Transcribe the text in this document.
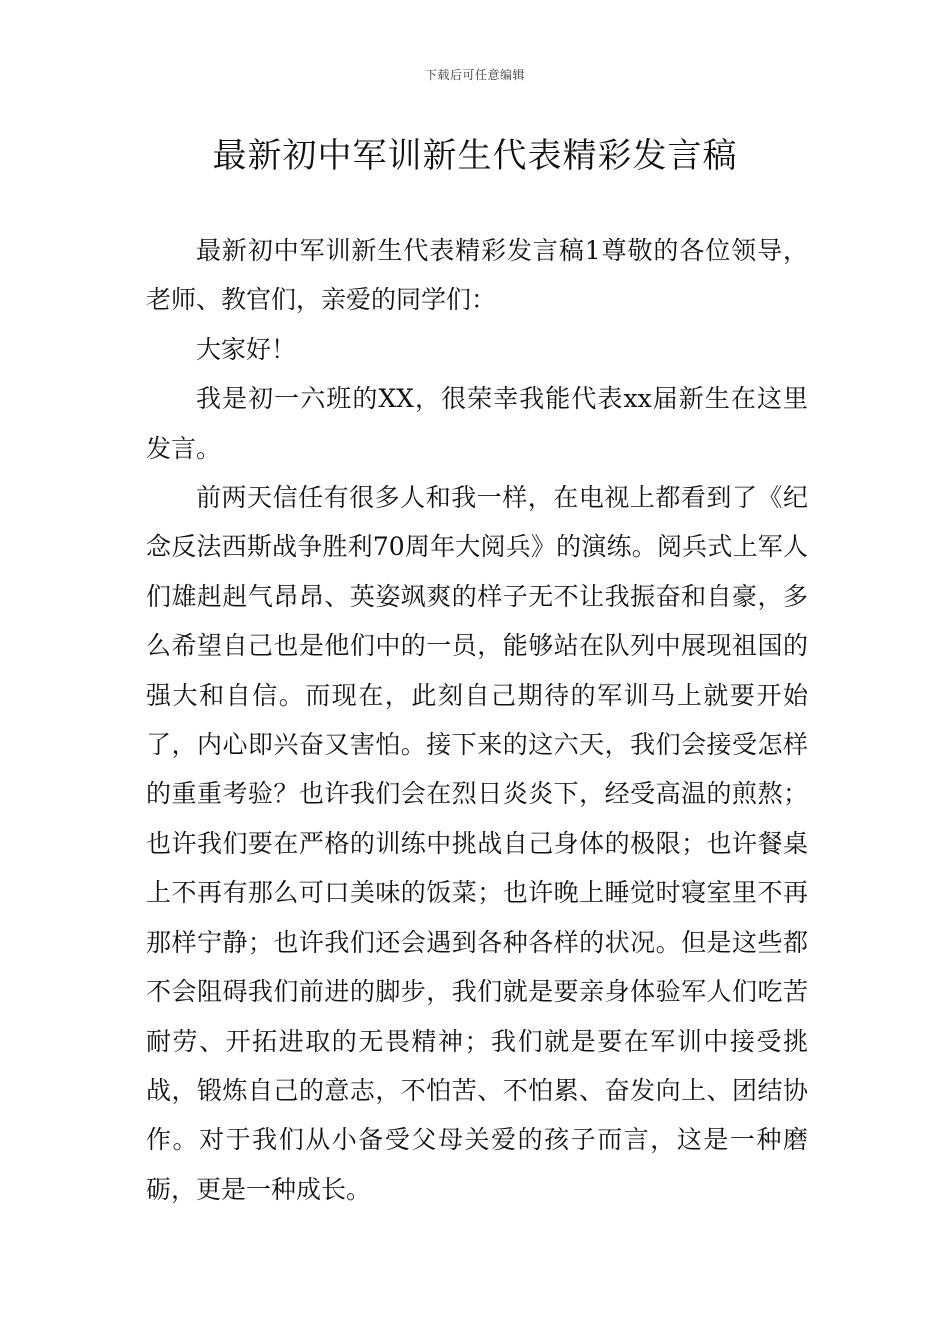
下载后可任意编辑
最新初中军训新生代表精彩发言稿

最新初中军训新生代表精彩发言稿1尊敬的各位领导，老师、教官们，亲爱的同学们：

大家好！

我是初一六班的XX，很荣幸我能代表xx届新生在这里发言。

前两天信任有很多人和我一样，在电视上都看到了《纪念反法西斯战争胜利70周年大阅兵》的演练。阅兵式上军人们雄赳赳气昂昂、英姿飒爽的样子无不让我振奋和自豪，多么希望自己也是他们中的一员，能够站在队列中展现祖国的强大和自信。而现在，此刻自己期待的军训马上就要开始了，内心即兴奋又害怕。接下来的这六天，我们会接受怎样的重重考验？也许我们会在烈日炎炎下，经受高温的煎熬；也许我们要在严格的训练中挑战自己身体的极限；也许餐桌上不再有那么可口美味的饭菜；也许晚上睡觉时寝室里不再那样宁静；也许我们还会遇到各种各样的状况。但是这些都不会阻碍我们前进的脚步，我们就是要亲身体验军人们吃苦耐劳、开拓进取的无畏精神；我们就是要在军训中接受挑战，锻炼自己的意志，不怕苦、不怕累、奋发向上、团结协作。对于我们从小备受父母关爱的孩子而言，这是一种磨砺，更是一种成长。
